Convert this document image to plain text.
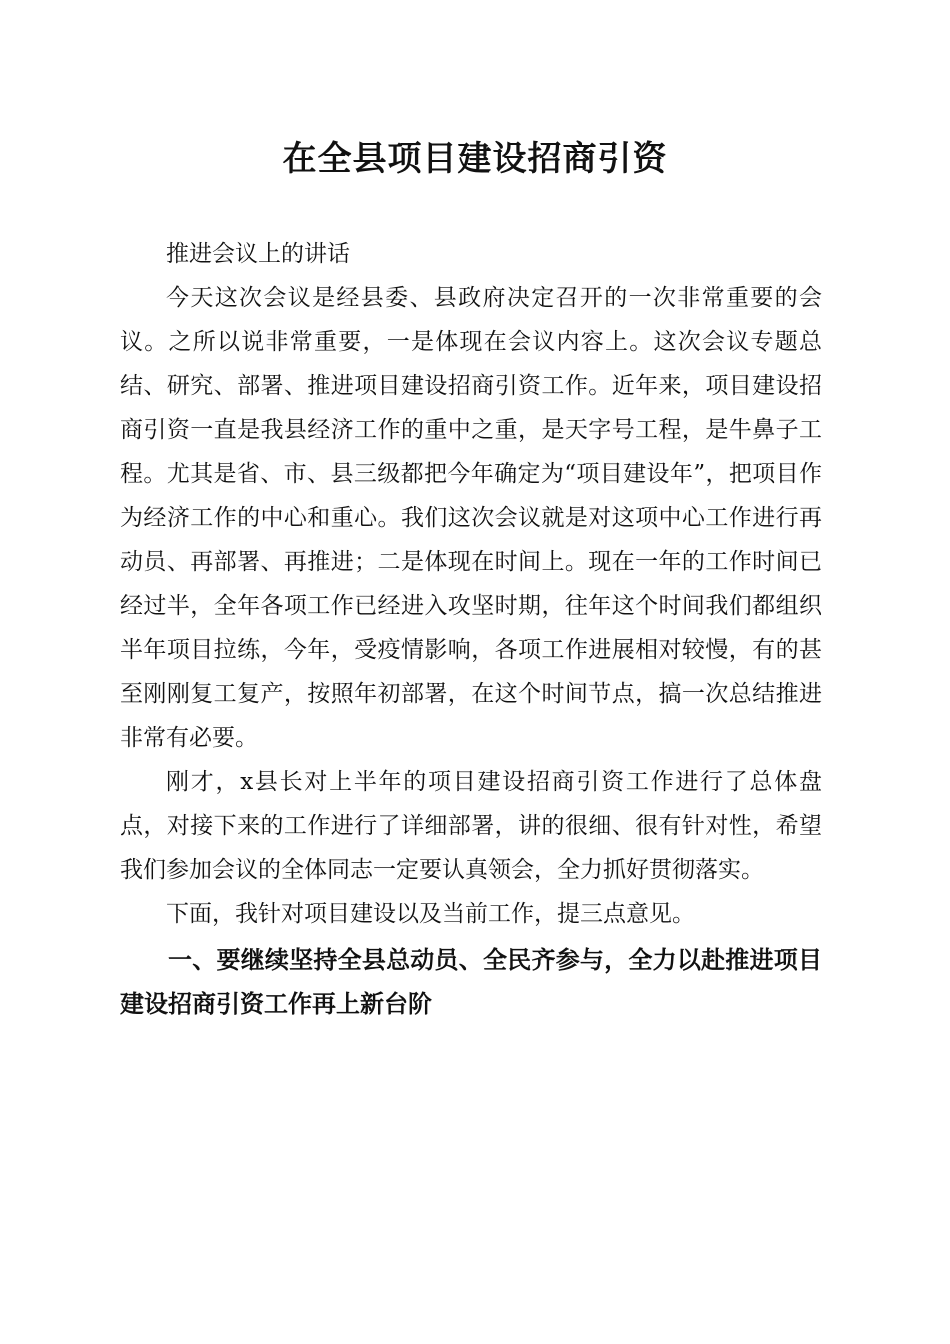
在全县项目建设招商引资

推进会议上的讲话

今天这次会议是经县委、县政府决定召开的一次非常重要的会议。之所以说非常重要，一是体现在会议内容上。这次会议专题总结、研究、部署、推进项目建设招商引资工作。近年来，项目建设招商引资一直是我县经济工作的重中之重，是天字号工程，是牛鼻子工程。尤其是省、市、县三级都把今年确定为“项目建设年”，把项目作为经济工作的中心和重心。我们这次会议就是对这项中心工作进行再动员、再部署、再推进；二是体现在时间上。现在一年的工作时间已经过半，全年各项工作已经进入攻坚时期，往年这个时间我们都组织半年项目拉练，今年，受疫情影响，各项工作进展相对较慢，有的甚至刚刚复工复产，按照年初部署，在这个时间节点，搞一次总结推进非常有必要。

刚才，x县长对上半年的项目建设招商引资工作进行了总体盘点，对接下来的工作进行了详细部署，讲的很细、很有针对性，希望我们参加会议的全体同志一定要认真领会，全力抓好贯彻落实。

下面，我针对项目建设以及当前工作，提三点意见。

一、要继续坚持全县总动员、全民齐参与，全力以赴推进项目建设招商引资工作再上新台阶
